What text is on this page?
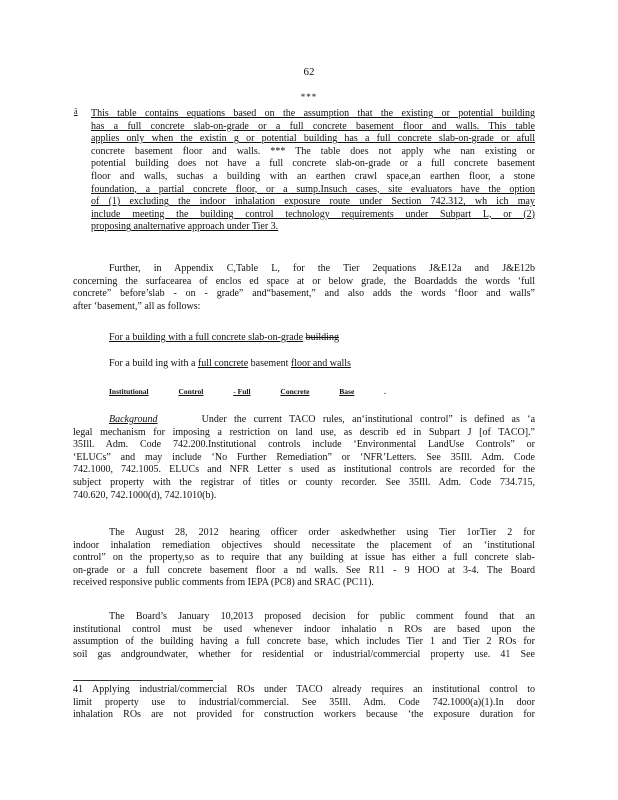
62
***
ā This table contains equations based on the assumption that the existing or potential building
has a full concrete slab-on-grade or a full concrete basement floor and walls. This table
applies only when the existin g or potential building has a full concrete slab-on-grade or afull
concrete basement floor and walls. *** The table does not apply whe nan existing or
potential building does not have a full concrete slab-on-grade or a full concrete basement
floor and walls, suchas a building with an earthen crawl space,an earthen floor, a stone
foundation, a partial concrete floor, or a sump.Insuch cases, site evaluators have the option
of (1) excluding the indoor inhalation exposure route under Section 742.312, wh ich may
include meeting the building control technology requirements under Subpart L, or (2)
proposing analternative approach under Tier 3.
Further, in Appendix C,Table L, for the Tier 2equations J&E12a and J&E12b
concerning the surfacearea of enclos ed space at or below grade, the Boardadds the words ‘full
concrete” before’slab - on - grade” and“basement,” and also adds the words ‘floor and walls”
after ‘basement,” all as follows:
For a building with a full concrete slab-on-grade building
For a build ing with a full concrete basement floor and walls
Institutional	Control	- Full	Concrete	Base	.
Background	Under the current TACO rules, an‘institutional control” is defined as ‘a
legal mechanism for imposing a restriction on land use, as describ ed in Subpart J [of TACO].”
35Ill. Adm. Code 742.200.Institutional controls include ‘Environmental LandUse Controls” or
‘ELUCs” and may include ‘No Further Remediation” or ‘NFR’Letters. See 35Ill. Adm. Code
742.1000, 742.1005. ELUCs and NFR Letter s used as institutional controls are recorded for the
subject property with the registrar of titles or county recorder. See 35Ill. Adm. Code 734.715,
740.620, 742.1000(d), 742.1010(b).
The August 28, 2012 hearing officer order askedwhether using Tier 1orTier 2 for
indoor inhalation remediation objectives should necessitate the placement of an ‘institutional
control” on the property,so as to require that any building at issue has either a full concrete slab-
on-grade or a full concrete basement floor a nd walls. See R11 - 9 HOO at 3-4. The Board
received responsive public comments from IEPA (PC8) and SRAC (PC11).
The Board’s January 10,2013 proposed decision for public comment found that an
institutional control must be used whenever indoor inhalatio n ROs are based upon the
assumption of the building having a full concrete base, which includes Tier 1 and Tier 2 ROs for
soil gas andgroundwater, whether for residential or industrial/commercial property use. 41 See
41 Applying industrial/commercial ROs under TACO already requires an institutional control to
limit property use to industrial/commercial. See 35Ill. Adm. Code 742.1000(a)(1).In door
inhalation ROs are not provided for construction workers because ‘the exposure duration for
